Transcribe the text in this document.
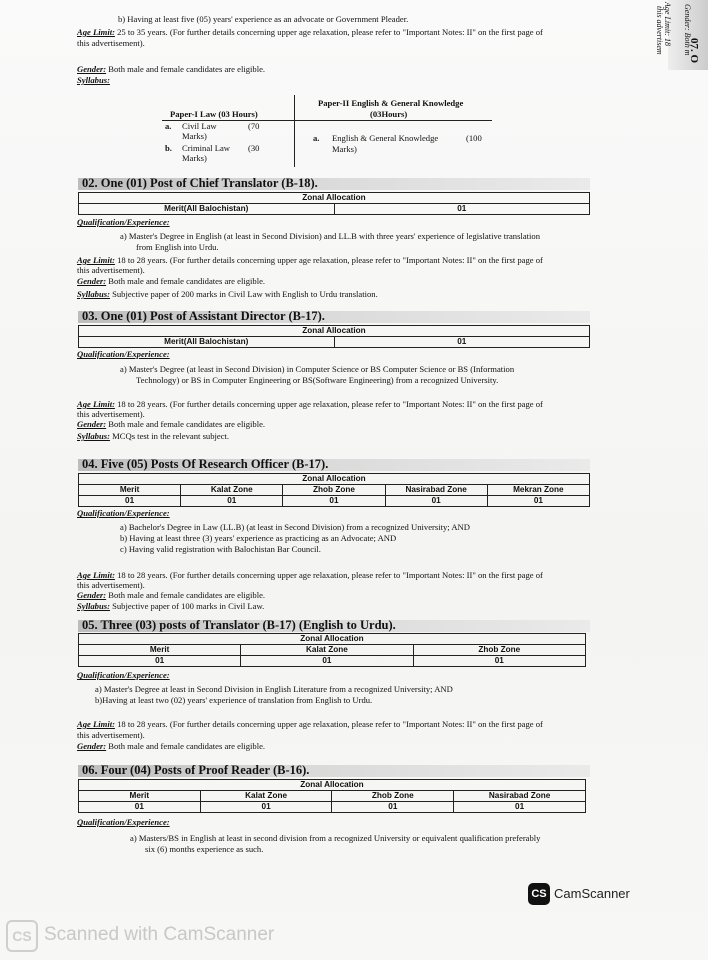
Age Limit: 18
this advertisem Gender: Both m
07. O
b) Having at least five (05) years' experience as an advocate or Government Pleader.
Age Limit: 25 to 35 years. (For further details concerning upper age relaxation, please refer to "Important Notes: II" on the first page of
this advertisement).
Gender: Both male and female candidates are eligible.
Syllabus:
Paper-I Law (03 Hours)
a. Civil Law	(70
Marks)
b. Criminal Law (30
Marks)
Paper-II English & General Knowledge
(03Hours)
a. English & General Knowledge	(100
Marks)
02. One (01) Post of Chief Translator (B-18).
Zonal Allocation
Merit(All Balochistan)	01
Qualification/Experience:
a) Master's Degree in English (at least in Second Division) and LL.B with three years' experience of legislative translation
from English into Urdu.
Age Limit: 18 to 28 years. (For further details concerning upper age relaxation, please refer to "Important Notes: II" on the first page of
this advertisement).
Gender: Both male and female candidates are eligible.
Syllabus: Subjective paper of 200 marks in Civil Law with English to Urdu translation.
03. One (01) Post of Assistant Director (B-17).
Zonal Allocation
Merit(All Balochistan)	01
Qualification/Experience:
a) Master's Degree (at least in Second Division) in Computer Science or BS Computer Science or BS (Information
Technology) or BS in Computer Engineering or BS(Software Engineering) from a recognized University.
Age Limit: 18 to 28 years. (For further details concerning upper age relaxation, please refer to "Important Notes: II" on the first page of
this advertisement).
Gender: Both male and female candidates are eligible.
Syllabus: MCQs test in the relevant subject.
04. Five (05) Posts Of Research Officer (B-17).
Zonal Allocation				
Merit	Kalat Zone	Zhob Zone	Nasirabad Zone	Mekran Zone
01	01	01	01	01
Qualification/Experience:
a) Bachelor's Degree in Law (LL.B) (at least in Second Division) from a recognized University; AND
b) Having at least three (3) years' experience as practicing as an Advocate; AND
c) Having valid registration with Balochistan Bar Council.
Age Limit: 18 to 28 years. (For further details concerning upper age relaxation, please refer to "Important Notes: II" on the first page of
this advertisement).
Gender: Both male and female candidates are eligible.
Syllabus: Subjective paper of 100 marks in Civil Law.
05. Three (03) posts of Translator (B-17) (English to Urdu).
Zonal Allocation		
Merit	Kalat Zone	Zhob Zone
01	01	01
Qualification/Experience:
a) Master's Degree at least in Second Division in English Literature from a recognized University; AND
b)Having at least two (02) years' experience of translation from English to Urdu.
Age Limit: 18 to 28 years. (For further details concerning upper age relaxation, please refer to "Important Notes: II" on the first page of
this advertisement).
Gender: Both male and female candidates are eligible.
06. Four (04) Posts of Proof Reader (B-16).
Zonal Allocation			
Merit	Kalat Zone	Zhob Zone	Nasirabad Zone
01	01	01	01
Qualification/Experience:
a) Masters/BS in English at least in second division from a recognized University or equivalent qualification preferably
six (6) months experience as such.
CS CamScanner
CS Scanned with CamScanner
